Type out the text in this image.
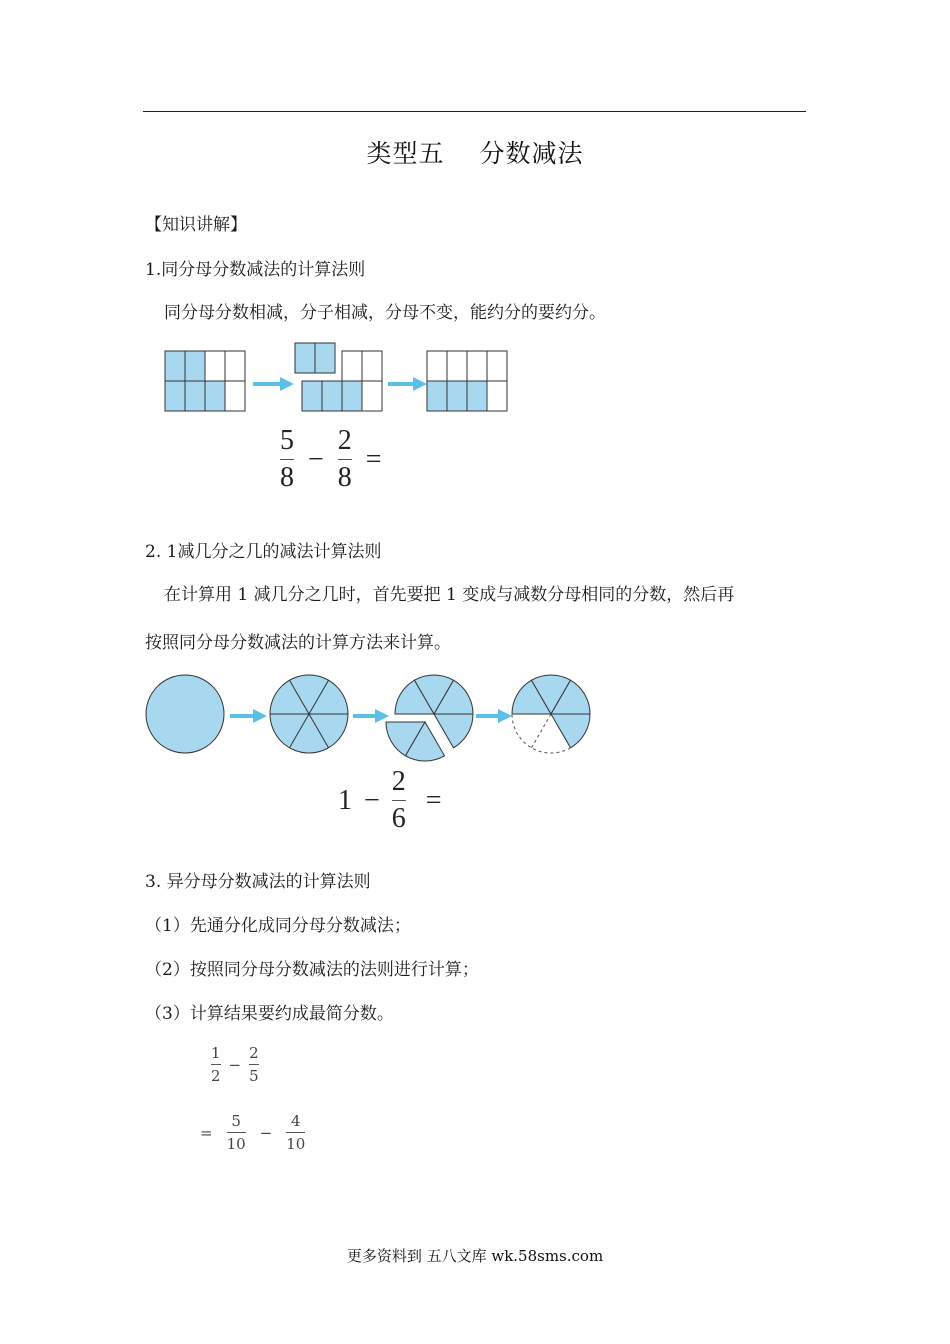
类型五　 分数减法
【知识讲解】
1.同分母分数减法的计算法则
同分母分数相减，分子相减，分母不变，能约分的要约分。
$\frac{5}{8} - \frac{2}{8}$ =
2. 1减几分之几的减法计算法则
在计算用 1 减几分之几时，首先要把 1 变成与减数分母相同的分数，然后再
按照同分母分数减法的计算方法来计算。
$1 - \frac{2}{6}$ =
3. 异分母分数减法的计算法则
（1）先通分化成同分母分数减法；
（2）按照同分母分数减法的法则进行计算；
（3）计算结果要约成最简分数。
$\frac{1}{2} - \frac{2}{5}$
= $\frac{5}{10} - \frac{4}{10}$
更多资料到 五八文库 wk.58sms.com
